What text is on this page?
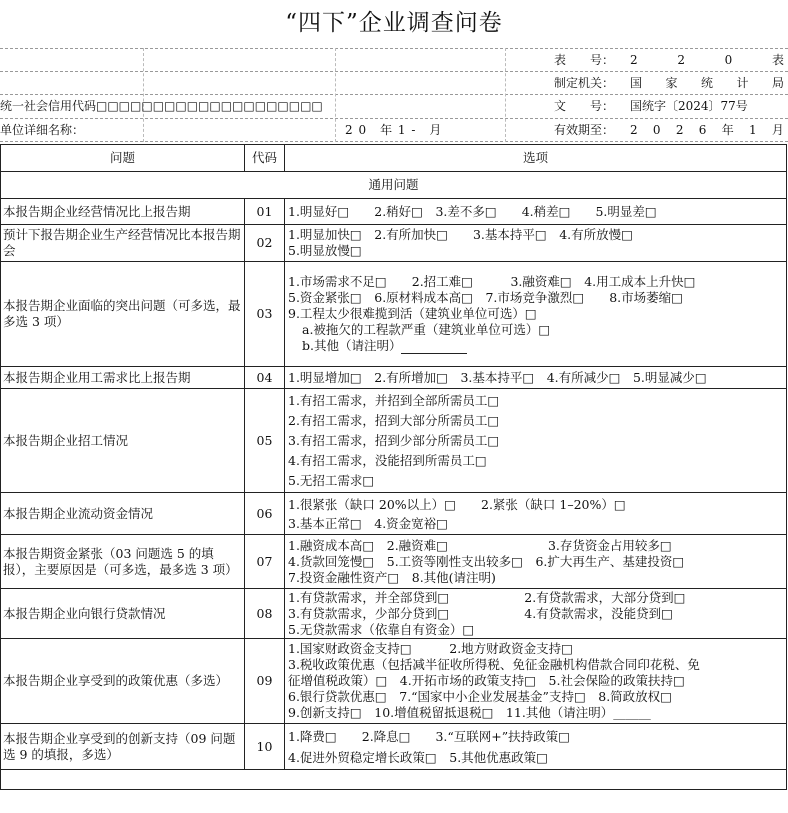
“四下”企业调查问卷
表　　号： 2	2	0	表
制定机关： 国 家 统 计 局
统一社会信用代码□□□□□□□□□□□□□□□□□□□□	文　　号： 国统字〔2024〕77号
单位详细名称：	2 0　年 1 -　月	有效期至： 2 0 2 6 年 1 月
问题	代码	选项
通用问题		
本报告期企业经营情况比上报告期	01	1.明显好□　　2.稍好□　3.差不多□　　4.稍差□　　5.明显差□

预计下报告期企业生产经营情况比本报告期会	02	1.明显加快□　2.有所加快□　　3.基本持平□　4.有所放慢□
5.明显放慢□

本报告期企业面临的突出问题（可多选，最多选 3 项）	03	1.市场需求不足□　　2.招工难□　　　3.融资难□　4.用工成本上升快□
5.资金紧张□　6.原材料成本高□　7.市场竞争激烈□　　8.市场萎缩□
9.工程太少很难揽到活（建筑业单位可选）□
a.被拖欠的工程款严重（建筑业单位可选）□
b.其他（请注明）

本报告期企业用工需求比上报告期	04	1.明显增加□　2.有所增加□　3.基本持平□　4.有所减少□　5.明显减少□

本报告期企业招工情况	05	1.有招工需求，并招到全部所需员工□
2.有招工需求，招到大部分所需员工□
3.有招工需求，招到少部分所需员工□
4.有招工需求，没能招到所需员工□
5.无招工需求□

本报告期企业流动资金情况	06	1.很紧张（缺口 20%以上）□　　2.紧张（缺口 1–20%）□
3.基本正常□　4.资金宽裕□

本报告期资金紧张（03 问题选 5 的填报），主要原因是（可多选，最多选 3 项）	07	1.融资成本高□　2.融资难□　　　　　　　　3.存货资金占用较多□
4.货款回笼慢□　5.工资等刚性支出较多□　6.扩大再生产、基建投资□
7.投资金融性资产□　8.其他(请注明)

本报告期企业向银行贷款情况	08	1.有贷款需求，并全部贷到□　　　　　　2.有贷款需求，大部分贷到□
3.有贷款需求，少部分贷到□　　　　　　4.有贷款需求，没能贷到□
5.无贷款需求（依靠自有资金）□

本报告期企业享受到的政策优惠（多选）	09	1.国家财政资金支持□　　　2.地方财政资金支持□
3.税收政策优惠（包括减半征收所得税、免征金融机构借款合同印花税、免
征增值税政策）□　4.开拓市场的政策支持□　5.社会保险的政策扶持□
6.银行贷款优惠□　7.“国家中小企业发展基金”支持□　8.简政放权□
9.创新支持□　10.增值税留抵退税□　11.其他（请注明）______

本报告期企业享受到的创新支持（09 问题选 9 的填报，多选）	10	1.降费□　　2.降息□　　3.“互联网+”扶持政策□
4.促进外贸稳定增长政策□　5.其他优惠政策□
